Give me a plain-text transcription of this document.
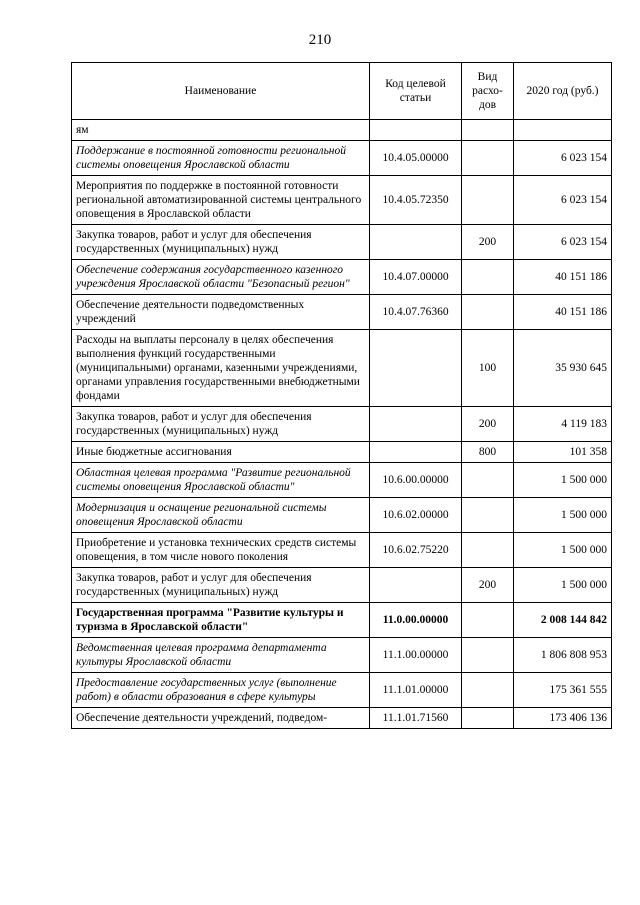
210
Наименование	Код целевой статьи	Вид расхо-дов	2020 год (руб.)
ям			
Поддержание в постоянной готовности региональной системы оповещения Ярославской области	10.4.05.00000		6 023 154
Мероприятия по поддержке в постоянной готовности региональной автоматизированной системы центрального оповещения в Ярославской области	10.4.05.72350		6 023 154
Закупка товаров, работ и услуг для обеспечения государственных (муниципальных) нужд		200	6 023 154
Обеспечение содержания государственного казенного учреждения Ярославской области "Безопасный регион"	10.4.07.00000		40 151 186
Обеспечение деятельности подведомственных учреждений	10.4.07.76360		40 151 186
Расходы на выплаты персоналу в целях обеспечения выполнения функций государственными (муниципальными) органами, казенными учреждениями, органами управления государственными внебюджетными фондами		100	35 930 645
Закупка товаров, работ и услуг для обеспечения государственных (муниципальных) нужд		200	4 119 183
Иные бюджетные ассигнования		800	101 358
Областная целевая программа "Развитие региональной системы оповещения Ярославской области"	10.6.00.00000		1 500 000
Модернизация и оснащение региональной системы оповещения Ярославской области	10.6.02.00000		1 500 000
Приобретение и установка технических средств системы оповещения, в том числе нового поколения	10.6.02.75220		1 500 000
Закупка товаров, работ и услуг для обеспечения государственных (муниципальных) нужд		200	1 500 000
Государственная программа "Развитие культуры и туризма в Ярославской области"	11.0.00.00000		2 008 144 842
Ведомственная целевая программа департамента культуры Ярославской области	11.1.00.00000		1 806 808 953
Предоставление государственных услуг (выполнение работ) в области образования в сфере культуры	11.1.01.00000		175 361 555
Обеспечение деятельности учреждений, подведом-	11.1.01.71560		173 406 136
